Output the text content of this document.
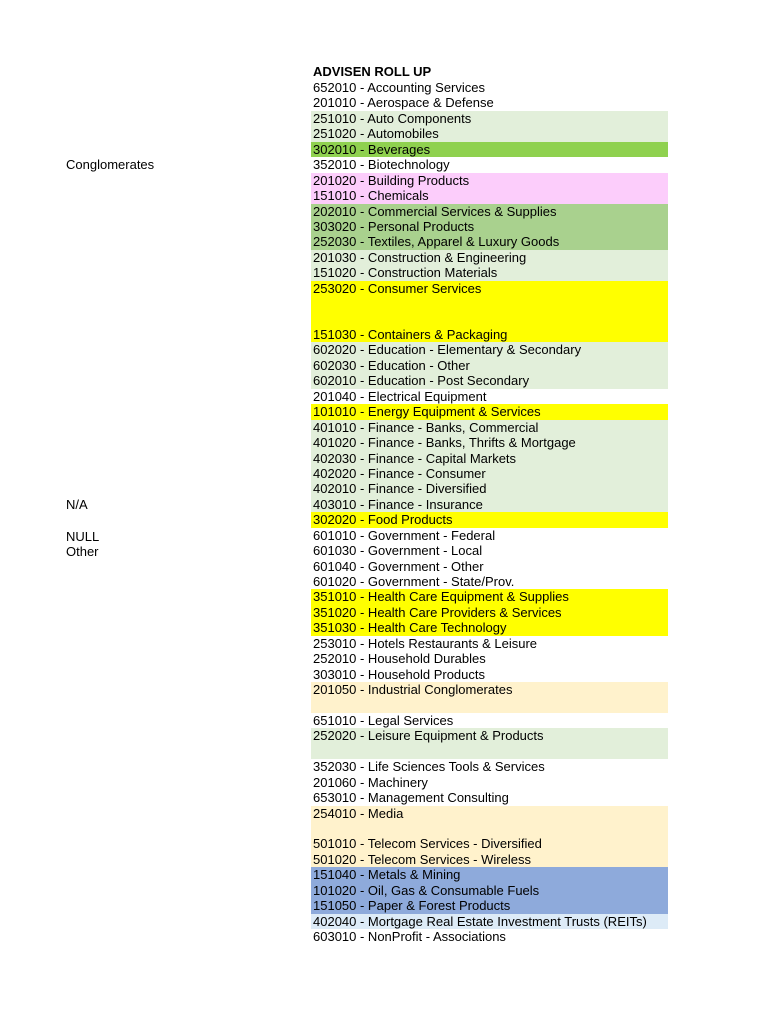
Conglomerates
N/A
NULL
Other
ADVISEN ROLL UP
652010 - Accounting Services
201010 - Aerospace & Defense
251010 - Auto Components
251020 - Automobiles
302010 - Beverages
352010 - Biotechnology
201020 - Building Products
151010 - Chemicals
202010 - Commercial Services & Supplies
303020 - Personal Products
252030 - Textiles, Apparel & Luxury Goods
201030 - Construction & Engineering
151020 - Construction Materials
253020 - Consumer Services
151030 - Containers & Packaging
602020 - Education - Elementary & Secondary
602030 - Education - Other
602010 - Education - Post Secondary
201040 - Electrical Equipment
101010 - Energy Equipment & Services
401010 - Finance - Banks, Commercial
401020 - Finance - Banks, Thrifts & Mortgage
402030 - Finance - Capital Markets
402020 - Finance - Consumer
402010 - Finance - Diversified
403010 - Finance - Insurance
302020 - Food Products
601010 - Government - Federal
601030 - Government - Local
601040 - Government - Other
601020 - Government - State/Prov.
351010 - Health Care Equipment & Supplies
351020 - Health Care Providers & Services
351030 - Health Care Technology
253010 - Hotels Restaurants & Leisure
252010 - Household Durables
303010 - Household Products
201050 - Industrial Conglomerates
651010 - Legal Services
252020 - Leisure Equipment & Products
352030 - Life Sciences Tools & Services
201060 - Machinery
653010 - Management Consulting
254010 - Media
501010 - Telecom Services - Diversified
501020 - Telecom Services - Wireless
151040 - Metals & Mining
101020 - Oil, Gas & Consumable Fuels
151050 - Paper & Forest Products
402040 - Mortgage Real Estate Investment Trusts (REITs)
603010 - NonProfit - Associations
